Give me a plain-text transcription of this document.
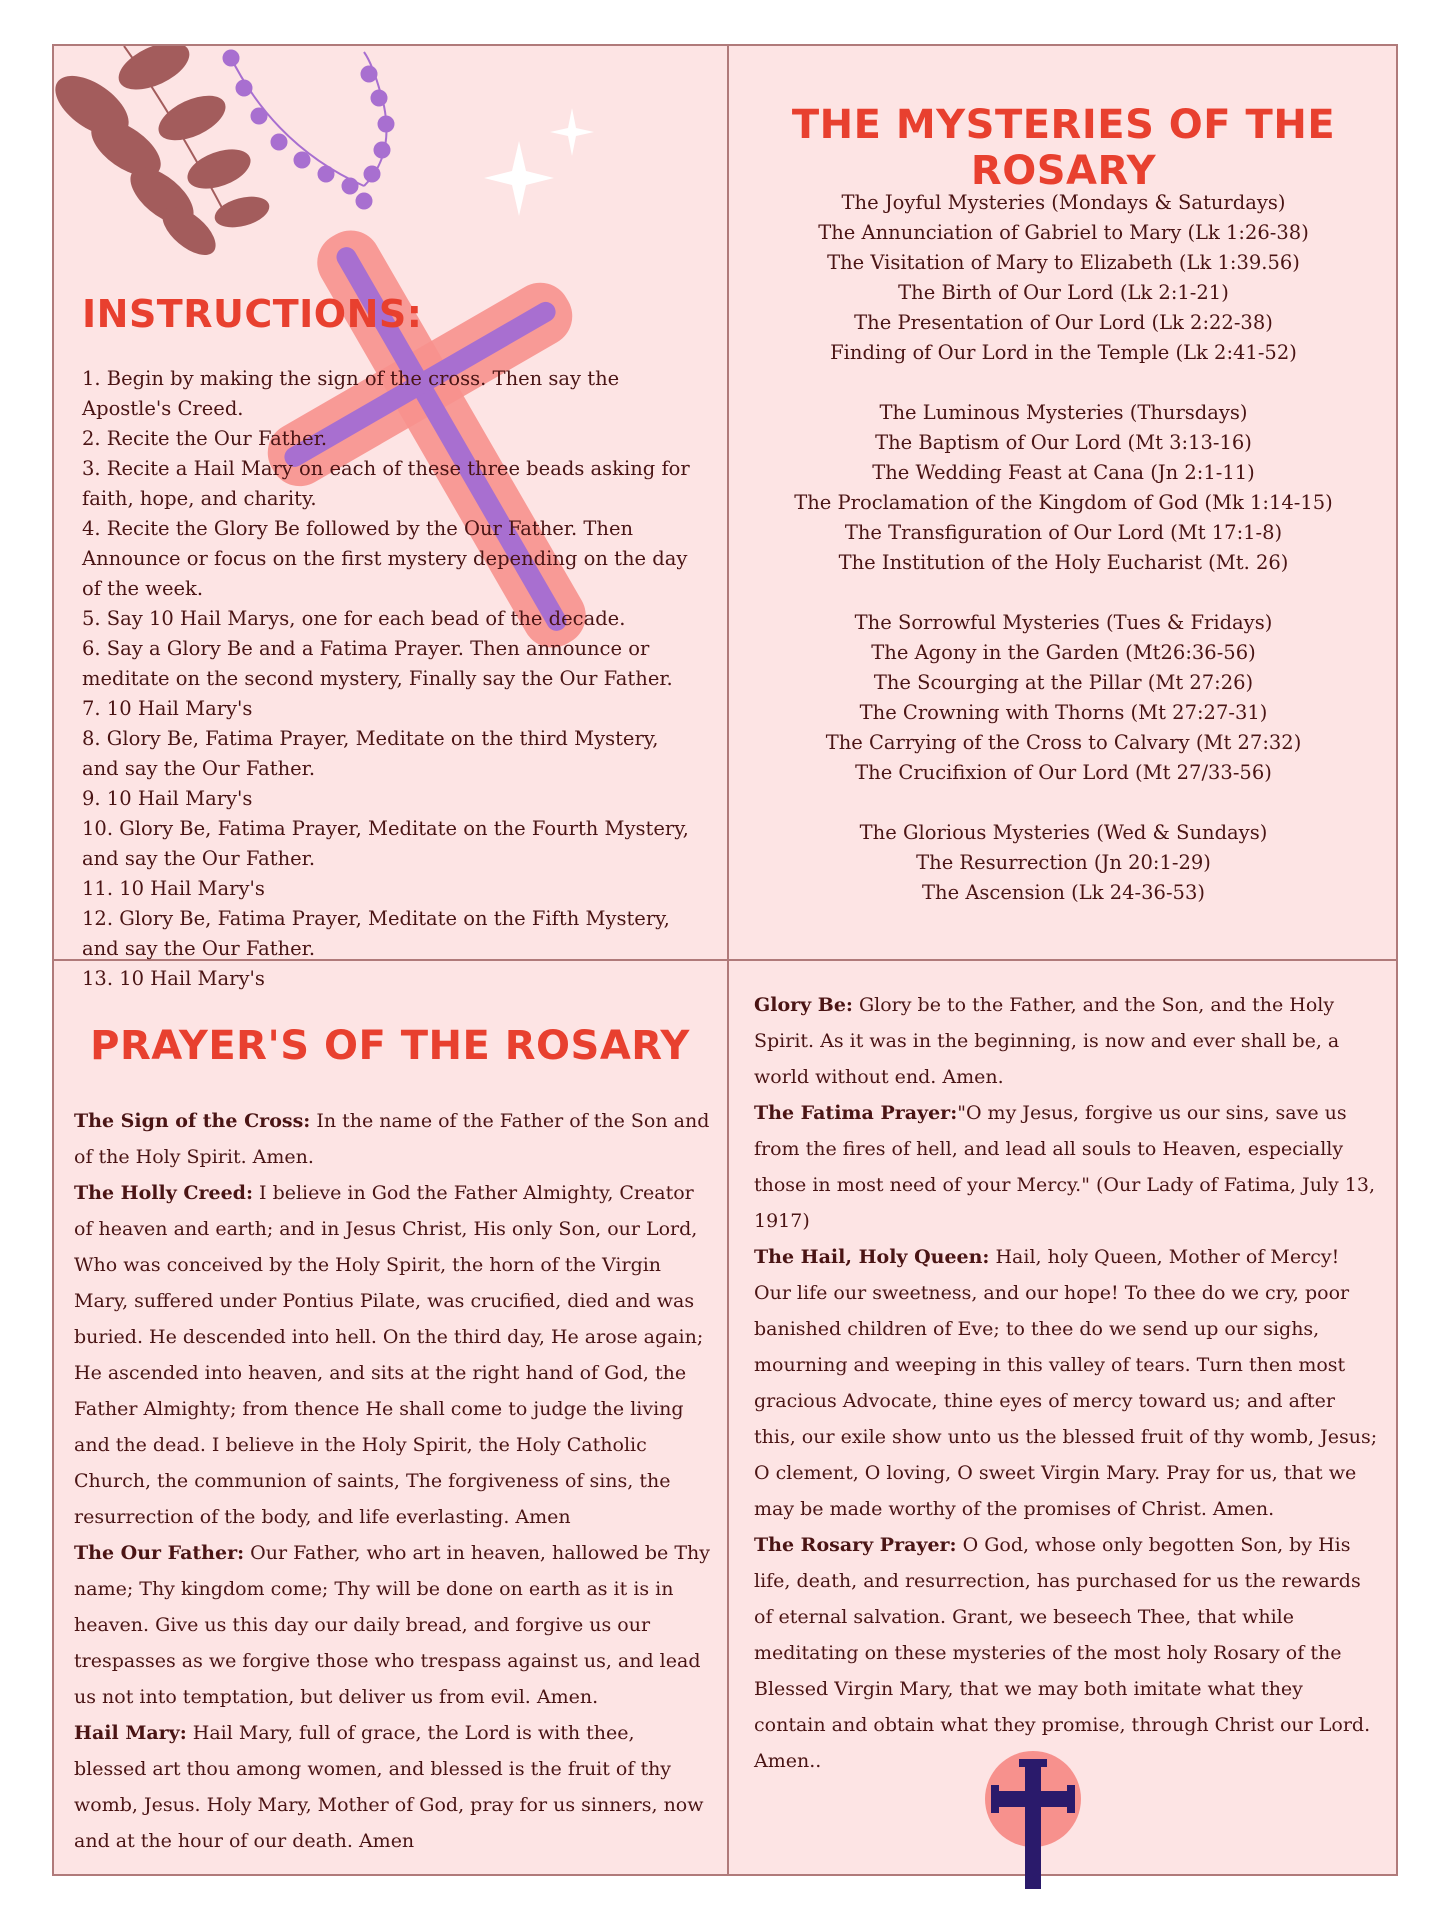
INSTRUCTIONS:
1. Begin by making the sign of the cross. Then say the Apostle's Creed.
2. Recite the Our Father.
3. Recite a Hail Mary on each of these three beads asking for faith, hope, and charity.
4. Recite the Glory Be followed by the Our Father. Then Announce or focus on the first mystery depending on the day of the week.
5. Say 10 Hail Marys, one for each bead of the decade.
6. Say a Glory Be and a Fatima Prayer. Then announce or meditate on the second mystery, Finally say the Our Father.
7. 10 Hail Mary's
8. Glory Be, Fatima Prayer, Meditate on the third Mystery, and say the Our Father.
9. 10 Hail Mary's
10. Glory Be, Fatima Prayer, Meditate on the Fourth Mystery, and say the Our Father.
11. 10 Hail Mary's
12. Glory Be, Fatima Prayer, Meditate on the Fifth Mystery, and say the Our Father.
13. 10 Hail Mary's
THE MYSTERIES OF THE ROSARY
The Joyful Mysteries (Mondays & Saturdays)
The Annunciation of Gabriel to Mary (Lk 1:26-38)
The Visitation of Mary to Elizabeth (Lk 1:39.56)
The Birth of Our Lord (Lk 2:1-21)
The Presentation of Our Lord (Lk 2:22-38)
Finding of Our Lord in the Temple (Lk 2:41-52)
The Luminous Mysteries (Thursdays)
The Baptism of Our Lord (Mt 3:13-16)
The Wedding Feast at Cana (Jn 2:1-11)
The Proclamation of the Kingdom of God (Mk 1:14-15)
The Transfiguration of Our Lord (Mt 17:1-8)
The Institution of the Holy Eucharist (Mt. 26)
The Sorrowful Mysteries (Tues & Fridays)
The Agony in the Garden (Mt26:36-56)
The Scourging at the Pillar (Mt 27:26)
The Crowning with Thorns (Mt 27:27-31)
The Carrying of the Cross to Calvary (Mt 27:32)
The Crucifixion of Our Lord (Mt 27/33-56)
The Glorious Mysteries (Wed & Sundays)
The Resurrection (Jn 20:1-29)
The Ascension (Lk 24-36-53)
PRAYER'S OF THE ROSARY

The Sign of the Cross: In the name of the Father of the Son and of the Holy Spirit. Amen.

The Holly Creed: I believe in God the Father Almighty, Creator of heaven and earth; and in Jesus Christ, His only Son, our Lord, Who was conceived by the Holy Spirit, the horn of the Virgin Mary, suffered under Pontius Pilate, was crucified, died and was buried. He descended into hell. On the third day, He arose again; He ascended into heaven, and sits at the right hand of God, the Father Almighty; from thence He shall come to judge the living and the dead. I believe in the Holy Spirit, the Holy Catholic Church, the communion of saints, The forgiveness of sins, the resurrection of the body, and life everlasting. Amen

The Our Father: Our Father, who art in heaven, hallowed be Thy name; Thy kingdom come; Thy will be done on earth as it is in heaven. Give us this day our daily bread, and forgive us our trespasses as we forgive those who trespass against us, and lead us not into temptation, but deliver us from evil. Amen.

Hail Mary: Hail Mary, full of grace, the Lord is with thee, blessed art thou among women, and blessed is the fruit of thy womb, Jesus. Holy Mary, Mother of God, pray for us sinners, now and at the hour of our death. Amen

Glory Be: Glory be to the Father, and the Son, and the Holy Spirit. As it was in the beginning, is now and ever shall be, a world without end. Amen.

The Fatima Prayer:"O my Jesus, forgive us our sins, save us from the fires of hell, and lead all souls to Heaven, especially those in most need of your Mercy." (Our Lady of Fatima, July 13, 1917)

The Hail, Holy Queen: Hail, holy Queen, Mother of Mercy! Our life our sweetness, and our hope! To thee do we cry, poor banished children of Eve; to thee do we send up our sighs, mourning and weeping in this valley of tears. Turn then most gracious Advocate, thine eyes of mercy toward us; and after this, our exile show unto us the blessed fruit of thy womb, Jesus; O clement, O loving, O sweet Virgin Mary. Pray for us, that we may be made worthy of the promises of Christ. Amen.

The Rosary Prayer: O God, whose only begotten Son, by His life, death, and resurrection, has purchased for us the rewards of eternal salvation. Grant, we beseech Thee, that while meditating on these mysteries of the most holy Rosary of the Blessed Virgin Mary, that we may both imitate what they contain and obtain what they promise, through Christ our Lord. Amen..
